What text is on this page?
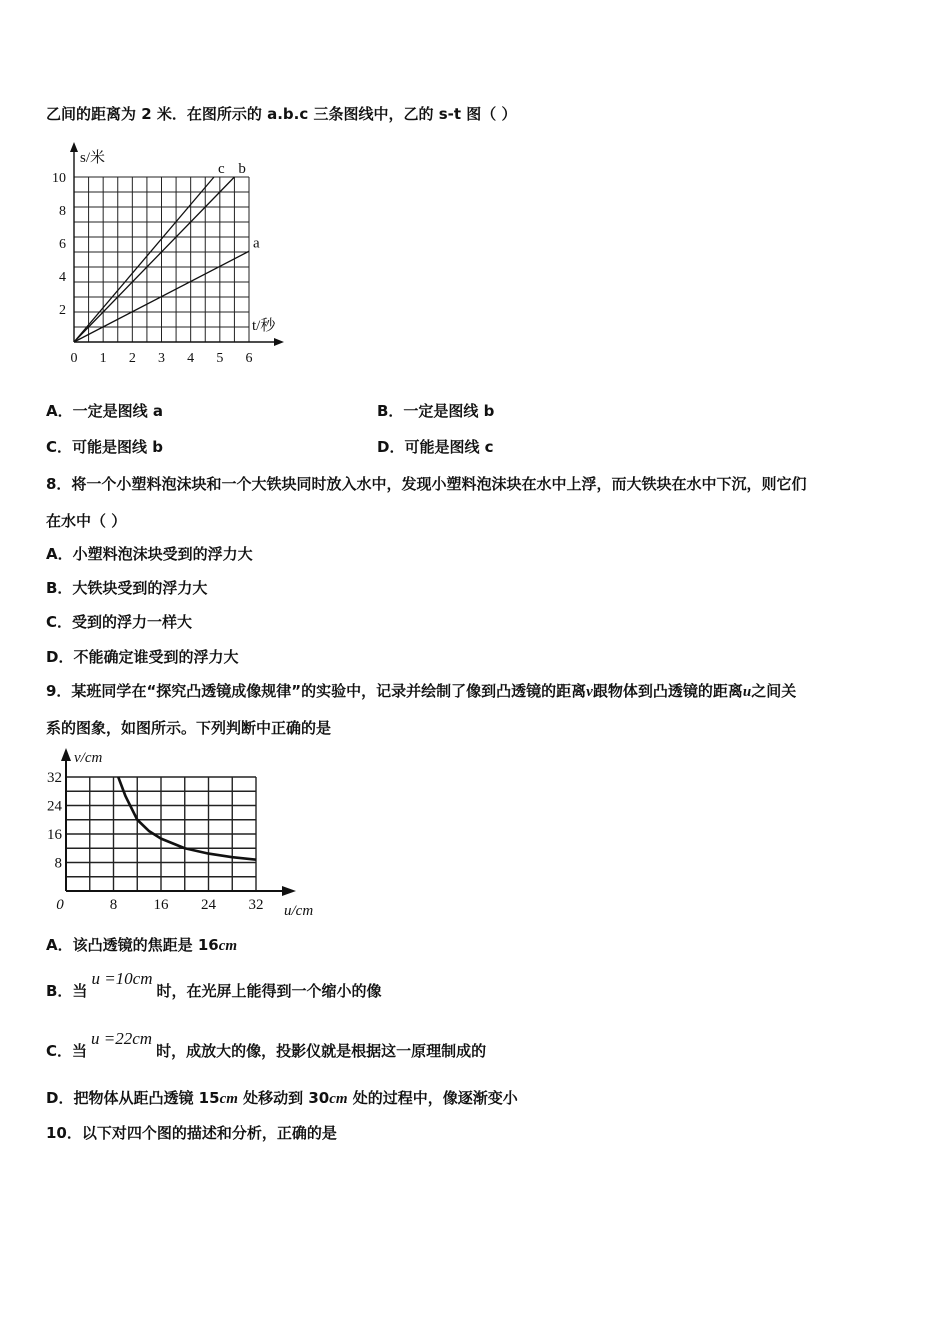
乙间的距离为 2 米．在图所示的 a.b.c 三条图线中，乙的 s-t 图（ ）
s/米
t/秒
0 1 2 3 4 5 6
2
4
6
8
10
a
b
c
A．一定是图线 a	B．一定是图线 b
C．可能是图线 b	D．可能是图线 c
8．将一个小塑料泡沫块和一个大铁块同时放入水中，发现小塑料泡沫块在水中上浮，而大铁块在水中下沉，则它们
在水中（ ）
A．小塑料泡沫块受到的浮力大
B．大铁块受到的浮力大
C．受到的浮力一样大
D．不能确定谁受到的浮力大
9．某班同学在“探究凸透镜成像规律”的实验中，记录并绘制了像到凸透镜的距离v跟物体到凸透镜的距离u之间关
系的图象，如图所示。下列判断中正确的是
v/cm
u/cm
0	8 16 24 32
8
16
24
32
A．该凸透镜的焦距是 16cm
B．当u =10cm时，在光屏上能得到一个缩小的像
C．当u =22cm时，成放大的像，投影仪就是根据这一原理制成的
D．把物体从距凸透镜 15cm 处移动到 30cm 处的过程中，像逐渐变小
10．以下对四个图的描述和分析，正确的是
